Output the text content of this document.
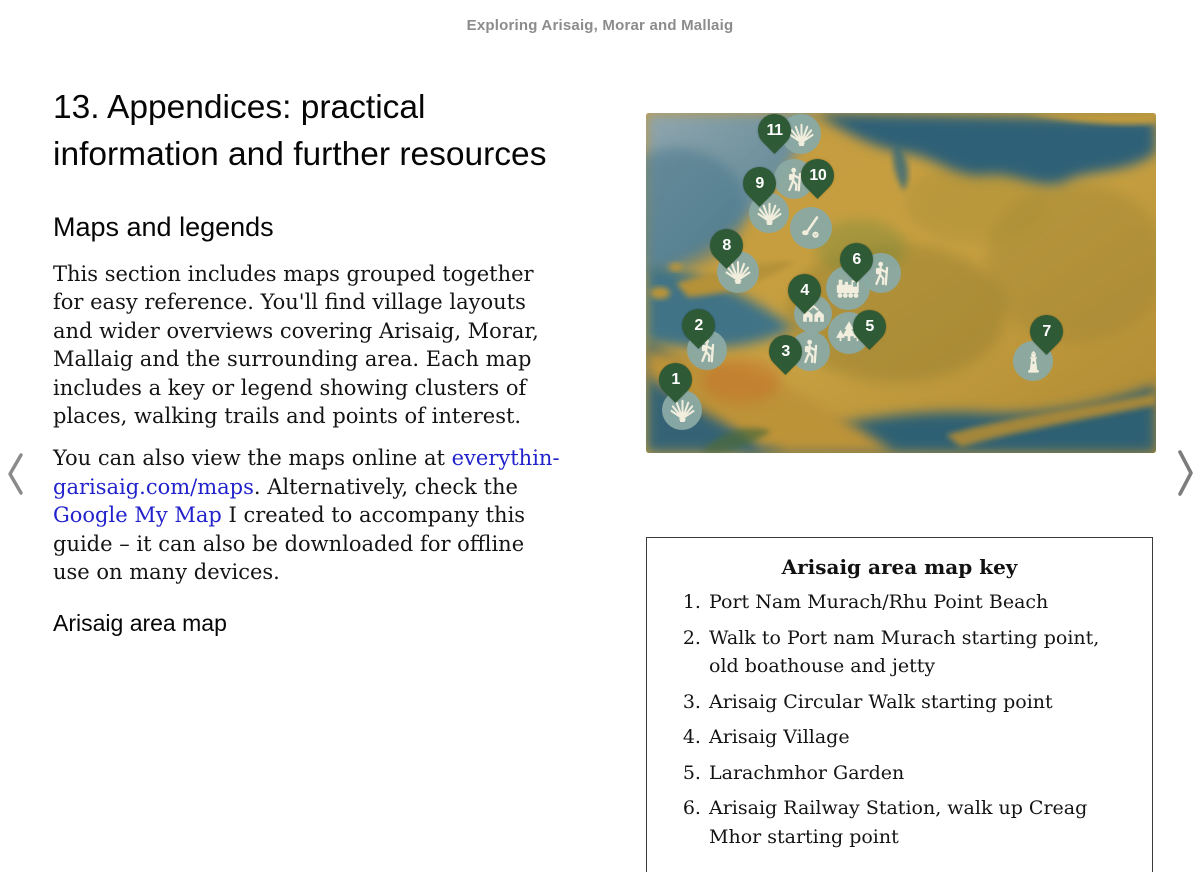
Exploring Arisaig, Morar and Mallaig
13. Appendices: practical information and further resources
Maps and legends

This section includes maps grouped together for easy reference. You'll find village layouts and wider overviews covering Arisaig, Morar, Mallaig and the surrounding area. Each map includes a key or legend showing clusters of places, walking trails and points of interest.

You can also view the maps online at everythingarisaig.com/maps. Alternatively, check the Google My Map I created to accompany this guide – it can also be downloaded for offline use on many devices.

Arisaig area map
1
2
3
4
5
6
7
8
9	10
11
Arisaig area map key
1. Port Nam Murach/Rhu Point Beach
2. Walk to Port nam Murach starting point, old boathouse and jetty
3. Arisaig Circular Walk starting point
4. Arisaig Village
5. Larachmhor Garden
6. Arisaig Railway Station, walk up Creag Mhor starting point
